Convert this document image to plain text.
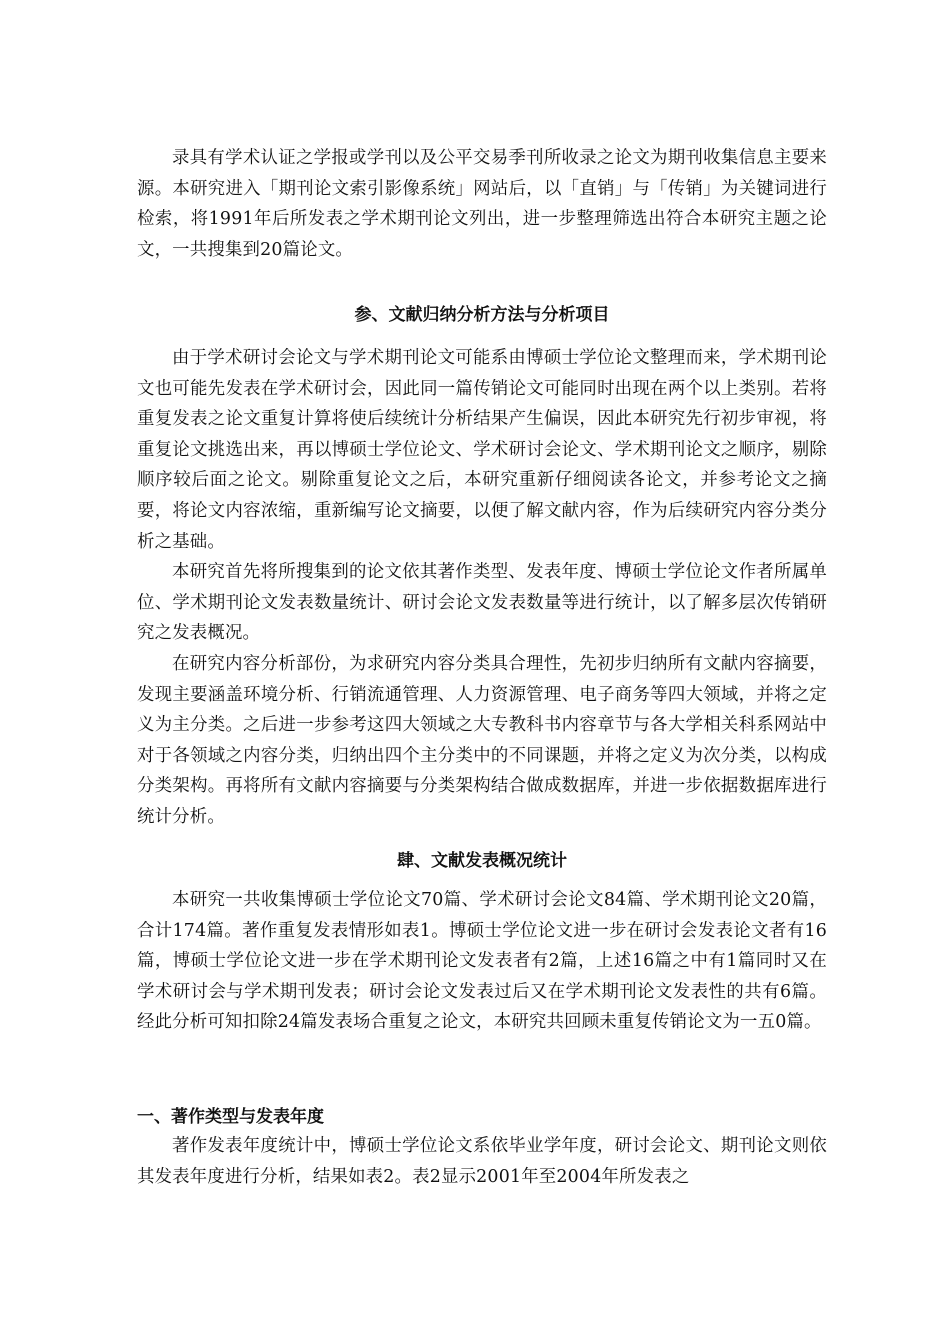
录具有学术认证之学报或学刊以及公平交易季刊所收录之论文为期刊收集信息主要来源。本研究进入「期刊论文索引影像系统」网站后，以「直销」与「传销」为关键词进行检索，将1991年后所发表之学术期刊论文列出，进一步整理筛选出符合本研究主题之论文，一共搜集到20篇论文。

参、文献归纳分析方法与分析项目

由于学术研讨会论文与学术期刊论文可能系由博硕士学位论文整理而来，学术期刊论文也可能先发表在学术研讨会，因此同一篇传销论文可能同时出现在两个以上类别。若将重复发表之论文重复计算将使后续统计分析结果产生偏误，因此本研究先行初步审视，将重复论文挑选出来，再以博硕士学位论文、学术研讨会论文、学术期刊论文之顺序，剔除顺序较后面之论文。剔除重复论文之后，本研究重新仔细阅读各论文，并参考论文之摘要，将论文内容浓缩，重新编写论文摘要，以便了解文献内容，作为后续研究内容分类分析之基础。

本研究首先将所搜集到的论文依其著作类型、发表年度、博硕士学位论文作者所属单位、学术期刊论文发表数量统计、研讨会论文发表数量等进行统计，以了解多层次传销研究之发表概况。

在研究内容分析部份，为求研究内容分类具合理性，先初步归纳所有文献内容摘要，发现主要涵盖环境分析、行销流通管理、人力资源管理、电子商务等四大领域，并将之定义为主分类。之后进一步参考这四大领域之大专教科书内容章节与各大学相关科系网站中对于各领域之内容分类，归纳出四个主分类中的不同课题，并将之定义为次分类，以构成分类架构。再将所有文献内容摘要与分类架构结合做成数据库，并进一步依据数据库进行统计分析。

肆、文献发表概况统计

本研究一共收集博硕士学位论文70篇、学术研讨会论文84篇、学术期刊论文20篇，合计174篇。著作重复发表情形如表1。博硕士学位论文进一步在研讨会发表论文者有16篇，博硕士学位论文进一步在学术期刊论文发表者有2篇，上述16篇之中有1篇同时又在学术研讨会与学术期刊发表；研讨会论文发表过后又在学术期刊论文发表性的共有6篇。经此分析可知扣除24篇发表场合重复之论文，本研究共回顾未重复传销论文为一五0篇。

一、著作类型与发表年度

著作发表年度统计中，博硕士学位论文系依毕业学年度，研讨会论文、期刊论文则依其发表年度进行分析，结果如表2。表2显示2001年至2004年所发表之
